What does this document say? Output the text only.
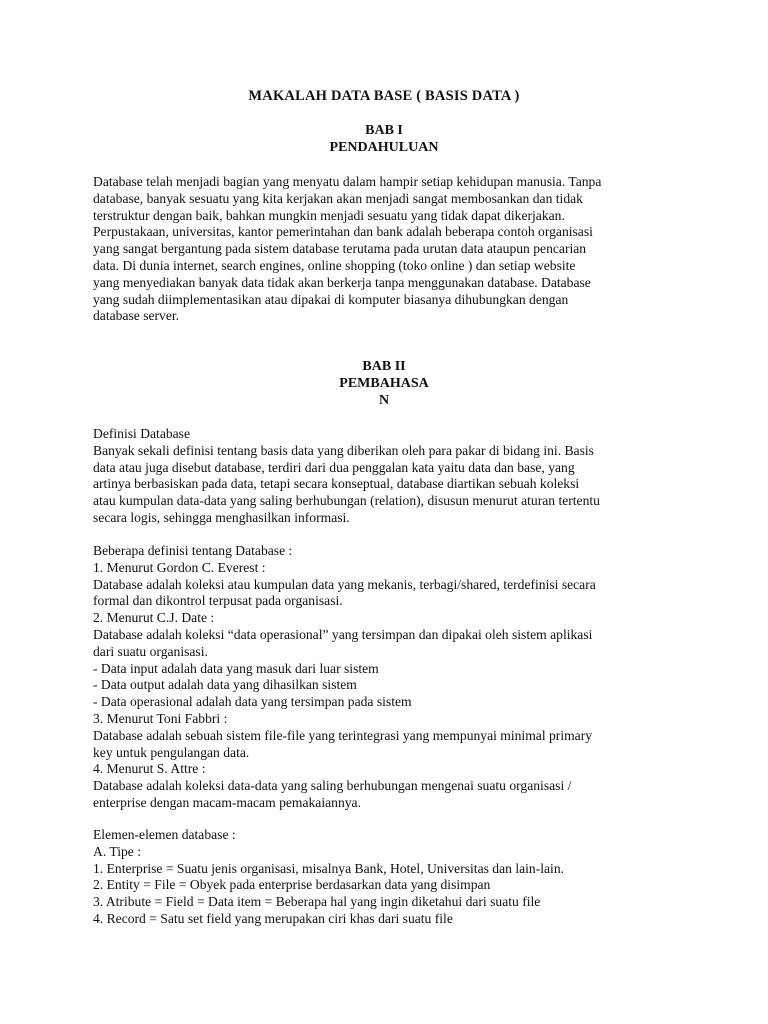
MAKALAH DATA BASE ( BASIS DATA )
BAB I
PENDAHULUAN
Database telah menjadi bagian yang menyatu dalam hampir setiap kehidupan manusia. Tanpa
database, banyak sesuatu yang kita kerjakan akan menjadi sangat membosankan dan tidak
terstruktur dengan baik, bahkan mungkin menjadi sesuatu yang tidak dapat dikerjakan.
Perpustakaan, universitas, kantor pemerintahan dan bank adalah beberapa contoh organisasi
yang sangat bergantung pada sistem database terutama pada urutan data ataupun pencarian
data. Di dunia internet, search engines, online shopping (toko online ) dan setiap website
yang menyediakan banyak data tidak akan berkerja tanpa menggunakan database. Database
yang sudah diimplementasikan atau dipakai di komputer biasanya dihubungkan dengan
database server.
BAB II
PEMBAHASA
N
Definisi Database
Banyak sekali definisi tentang basis data yang diberikan oleh para pakar di bidang ini. Basis
data atau juga disebut database, terdiri dari dua penggalan kata yaitu data dan base, yang
artinya berbasiskan pada data, tetapi secara konseptual, database diartikan sebuah koleksi
atau kumpulan data-data yang saling berhubungan (relation), disusun menurut aturan tertentu
secara logis, sehingga menghasilkan informasi.
Beberapa definisi tentang Database :
1. Menurut Gordon C. Everest :
Database adalah koleksi atau kumpulan data yang mekanis, terbagi/shared, terdefinisi secara
formal dan dikontrol terpusat pada organisasi.
2. Menurut C.J. Date :
Database adalah koleksi “data operasional” yang tersimpan dan dipakai oleh sistem aplikasi
dari suatu organisasi.
- Data input adalah data yang masuk dari luar sistem
- Data output adalah data yang dihasilkan sistem
- Data operasional adalah data yang tersimpan pada sistem
3. Menurut Toni Fabbri :
Database adalah sebuah sistem file-file yang terintegrasi yang mempunyai minimal primary
key untuk pengulangan data.
4. Menurut S. Attre :
Database adalah koleksi data-data yang saling berhubungan mengenai suatu organisasi /
enterprise dengan macam-macam pemakaiannya.
Elemen-elemen database :
A. Tipe :
1. Enterprise = Suatu jenis organisasi, misalnya Bank, Hotel, Universitas dan lain-lain.
2. Entity = File = Obyek pada enterprise berdasarkan data yang disimpan
3. Atribute = Field = Data item = Beberapa hal yang ingin diketahui dari suatu file
4. Record = Satu set field yang merupakan ciri khas dari suatu file
